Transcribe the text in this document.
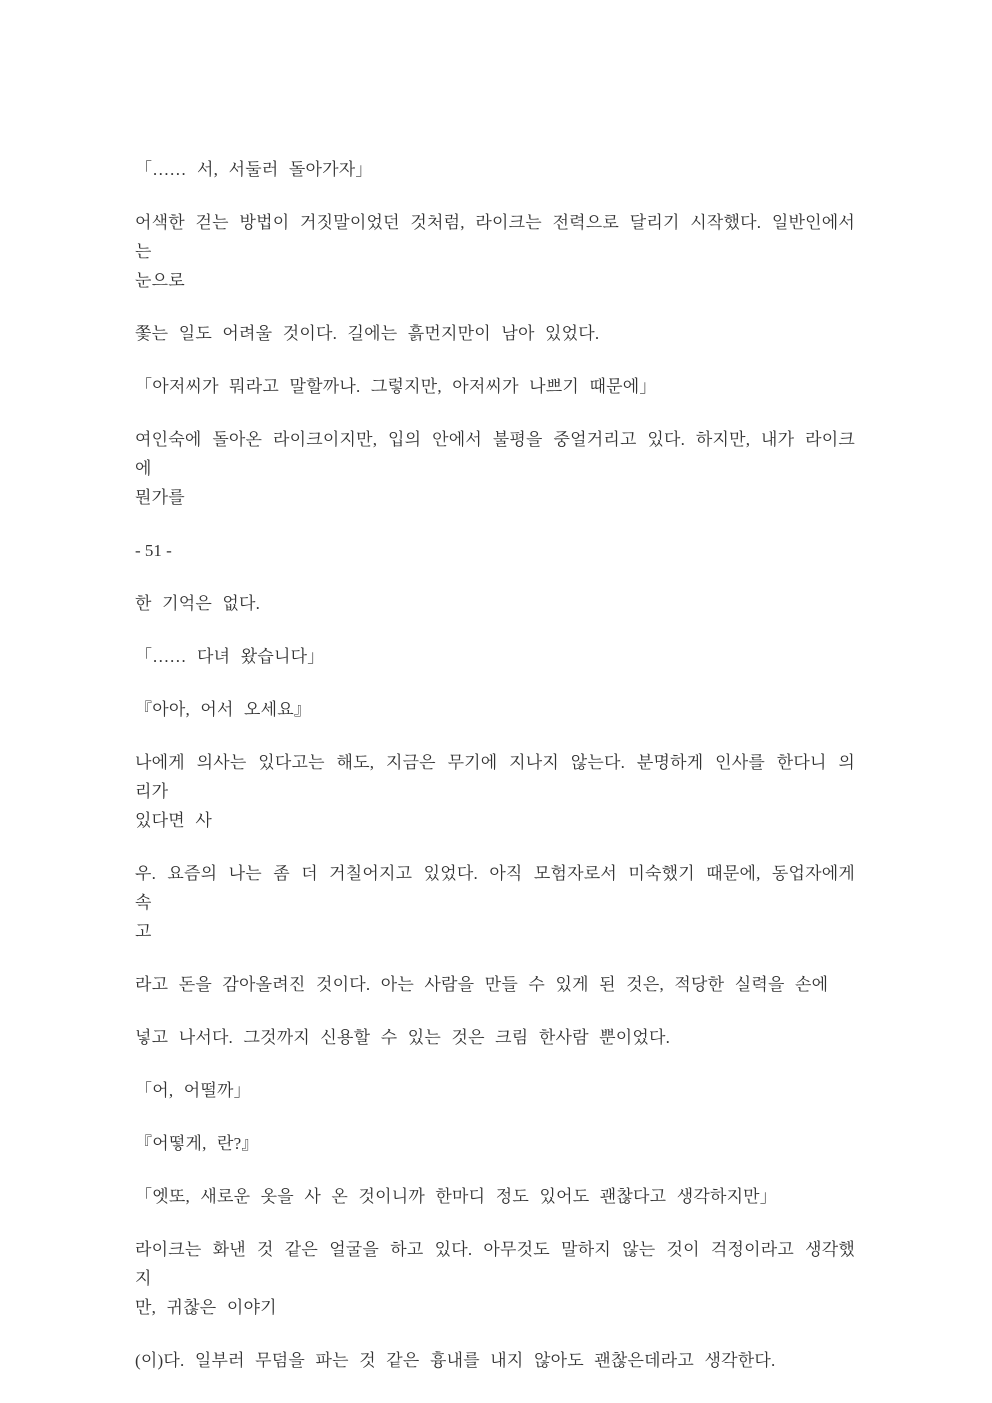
「…… 서, 서둘러 돌아가자」
어색한 걷는 방법이 거짓말이었던 것처럼, 라이크는 전력으로 달리기 시작했다. 일반인에서는
눈으로
쫓는 일도 어려울 것이다. 길에는 흙먼지만이 남아 있었다.
「아저씨가 뭐라고 말할까나. 그렇지만, 아저씨가 나쁘기 때문에」
여인숙에 돌아온 라이크이지만, 입의 안에서 불평을 중얼거리고 있다. 하지만, 내가 라이크에
뭔가를
- 51 -
한 기억은 없다.
「…… 다녀 왔습니다」
『아아, 어서 오세요』
나에게 의사는 있다고는 해도, 지금은 무기에 지나지 않는다. 분명하게 인사를 한다니 의리가
있다면 사
우. 요즘의 나는 좀 더 거칠어지고 있었다. 아직 모험자로서 미숙했기 때문에, 동업자에게 속
고
라고 돈을 감아올려진 것이다. 아는 사람을 만들 수 있게 된 것은, 적당한 실력을 손에
넣고 나서다. 그것까지 신용할 수 있는 것은 크림 한사람 뿐이었다.
「어, 어떨까」
『어떻게, 란?』
「엣또, 새로운 옷을 사 온 것이니까 한마디 정도 있어도 괜찮다고 생각하지만」
라이크는 화낸 것 같은 얼굴을 하고 있다. 아무것도 말하지 않는 것이 걱정이라고 생각했지
만, 귀찮은 이야기
(이)다. 일부러 무덤을 파는 것 같은 흉내를 내지 않아도 괜찮은데라고 생각한다.
